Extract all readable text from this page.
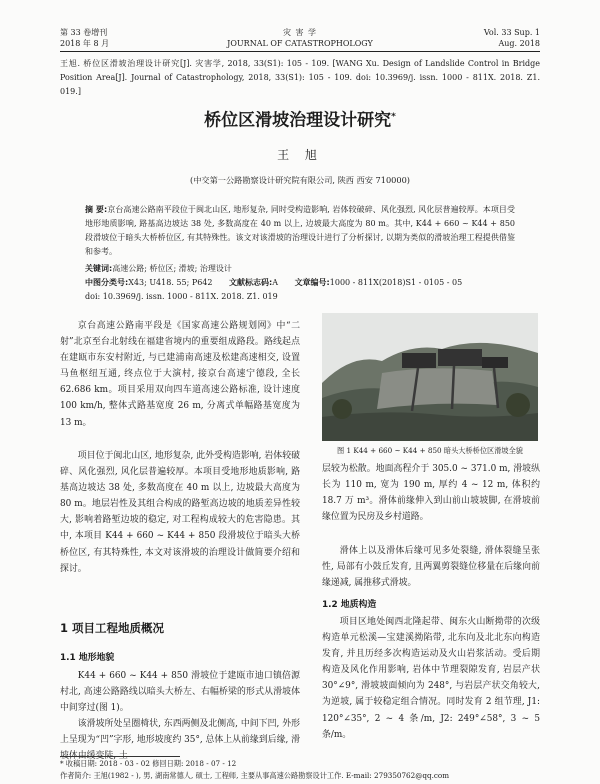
第 33 卷增刊
2018 年 8 月
灾 害 学
JOURNAL OF CATASTROPHOLOGY
Vol. 33 Sup. 1
Aug. 2018
王旭. 桥位区滑坡治理设计研究[J]. 灾害学, 2018, 33(S1): 105 - 109. [WANG Xu. Design of Landslide Control in Bridge Position Area[J]. Journal of Catastrophology, 2018, 33(S1): 105 - 109. doi: 10.3969/j. issn. 1000 - 811X. 2018. Z1. 019.]
桥位区滑坡治理设计研究*
王 旭
(中交第一公路勘察设计研究院有限公司, 陕西 西安 710000)
摘 要:京台高速公路南平段位于闽北山区, 地形复杂, 同时受构造影响, 岩体较破碎、风化强烈, 风化层普遍较厚。本项目受地形地质影响, 路基高边坡达 38 处, 多数高度在 40 m 以上, 边坡最大高度为 80 m。其中, K44 + 660 ~ K44 + 850 段滑坡位于暗头大桥桥位区, 有其特殊性。该文对该滑坡的治理设计进行了分析探讨, 以期为类似的滑坡治理工程提供借鉴和参考。
关键词:高速公路; 桥位区; 滑坡; 治理设计
中图分类号:X43; U418. 55; P642 文献标志码:A 文章编号:1000 - 811X(2018)S1 - 0105 - 05
doi: 10.3969/j. issn. 1000 - 811X. 2018. Z1. 019

京台高速公路南平段是《国家高速公路规划网》中“二射”北京至台北射线在福建省境内的重要组成路段。路线起点在建瓯市东安村附近, 与已建浦南高速及松建高速相交, 设置马鱼枢纽互通, 终点位于大演村, 接京台高速宁德段, 全长 62.686 km。项目采用双向四车道高速公路标准, 设计速度 100 km/h, 整体式路基宽度 26 m, 分离式单幅路基宽度为 13 m。

项目位于闽北山区, 地形复杂, 此外受构造影响, 岩体较破碎、风化强烈, 风化层普遍较厚。本项目受地形地质影响, 路基高边坡达 38 处, 多数高度在 40 m 以上, 边坡最大高度为 80 m。地层岩性及其组合构成的路堑高边坡的地质差异性较大, 影响着路堑边坡的稳定, 对工程构成较大的危害隐患。其中, 本项目 K44 + 660 ~ K44 + 850 段滑坡位于暗头大桥桥位区, 有其特殊性, 本文对该滑坡的治理设计做简要介绍和探讨。

1 项目工程地质概况
1.1 地形地貌

K44 + 660 ~ K44 + 850 滑坡位于建瓯市迪口镇倍源村北, 高速公路路线以暗头大桥左、右幅桥梁的形式从滑坡体中间穿过(图 1)。

该滑坡所处呈圈椅状, 东西两侧及北侧高, 中间下凹, 外形上呈现为“凹”字形, 地形坡度约 35°, 总体上从前缘到后缘, 滑坡体由缓变陡, 土

图 1 K44 + 660 ~ K44 + 850 暗头大桥桥位区滑坡全貌

层较为松散。地面高程介于 305.0 ~ 371.0 m, 滑坡纵长为 110 m, 宽为 190 m, 厚约 4 ~ 12 m, 体积约 18.7 万 m³。滑体前缘伸入到山前山坡坡脚, 在滑坡前缘位置为民房及乡村道路。

滑体上以及滑体后缘可见多处裂缝, 滑体裂缝呈张性, 局部有小鼓丘发育, 且两翼剪裂缝位移量在后缘向前缘递减, 属推移式滑坡。

1.2 地质构造

项目区地处闽西北隆起带、闽东火山断拗带的次级构造单元松溪—宝建溪拗陷带, 北东向及北北东向构造发育, 并且历经多次构造运动及火山岩浆活动。受后期构造及风化作用影响, 岩体中节理裂隙发育, 岩层产状 30°∠9°, 滑坡坡面倾向为 248°, 与岩层产状交角较大, 为逆坡, 属于较稳定组合情况。同时发育 2 组节理, J1: 120°∠35°, 2 ~ 4 条/m, J2: 249°∠58°, 3 ~ 5 条/m。

* 收稿日期: 2018 - 03 - 02 修回日期: 2018 - 07 - 12
作者简介: 王旭(1982 - ), 男, 湖南常德人, 硕士, 工程师, 主要从事高速公路勘察设计工作. E-mail: 279350762@qq.com
